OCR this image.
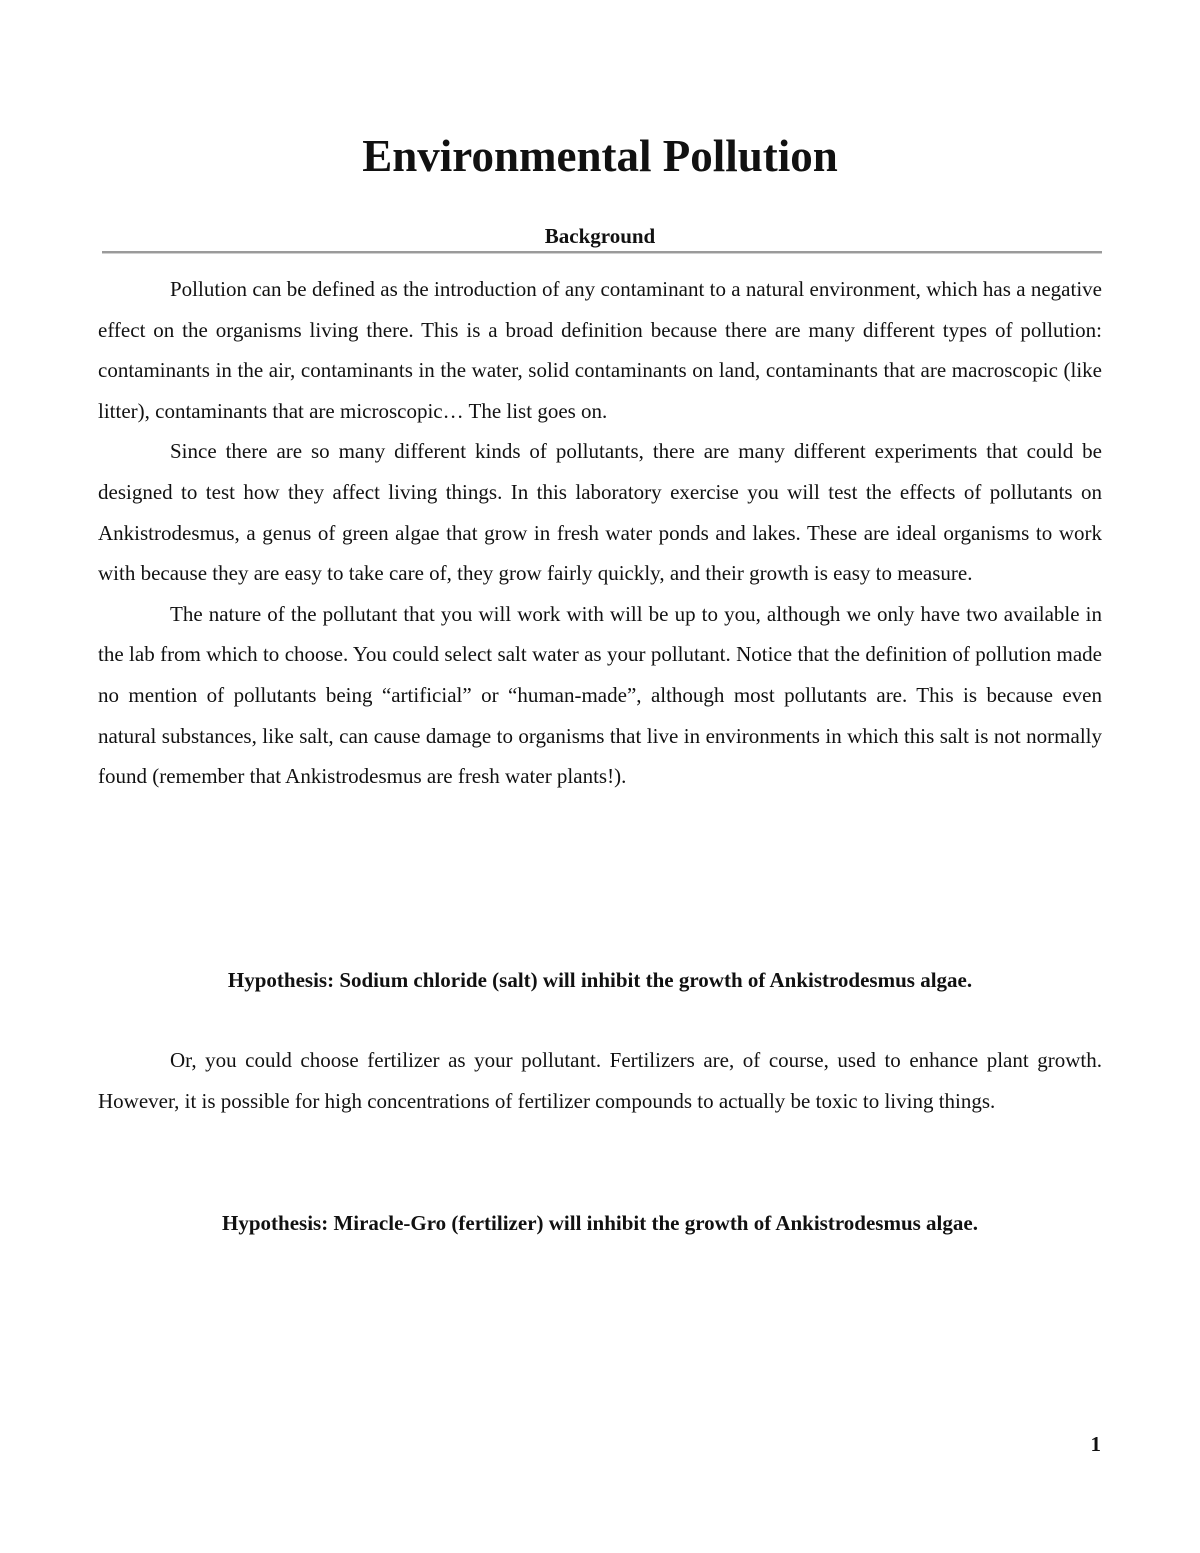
Environmental Pollution
Background

Pollution can be defined as the introduction of any contaminant to a natural environment, which has a negative effect on the organisms living there. This is a broad definition because there are many different types of pollution: contaminants in the air, contaminants in the water, solid contaminants on land, contaminants that are macroscopic (like litter), contaminants that are microscopic… The list goes on.

Since there are so many different kinds of pollutants, there are many different experiments that could be designed to test how they affect living things. In this laboratory exercise you will test the effects of pollutants on Ankistrodesmus, a genus of green algae that grow in fresh water ponds and lakes. These are ideal organisms to work with because they are easy to take care of, they grow fairly quickly, and their growth is easy to measure.

The nature of the pollutant that you will work with will be up to you, although we only have two available in the lab from which to choose. You could select salt water as your pollutant. Notice that the definition of pollution made no mention of pollutants being “artificial” or “human-made”, although most pollutants are. This is because even natural substances, like salt, can cause damage to organisms that live in environments in which this salt is not normally found (remember that Ankistrodesmus are fresh water plants!).

Hypothesis: Sodium chloride (salt) will inhibit the growth of Ankistrodesmus algae.

Or, you could choose fertilizer as your pollutant. Fertilizers are, of course, used to enhance plant growth. However, it is possible for high concentrations of fertilizer compounds to actually be toxic to living things.

Hypothesis: Miracle-Gro (fertilizer) will inhibit the growth of Ankistrodesmus algae.

1
